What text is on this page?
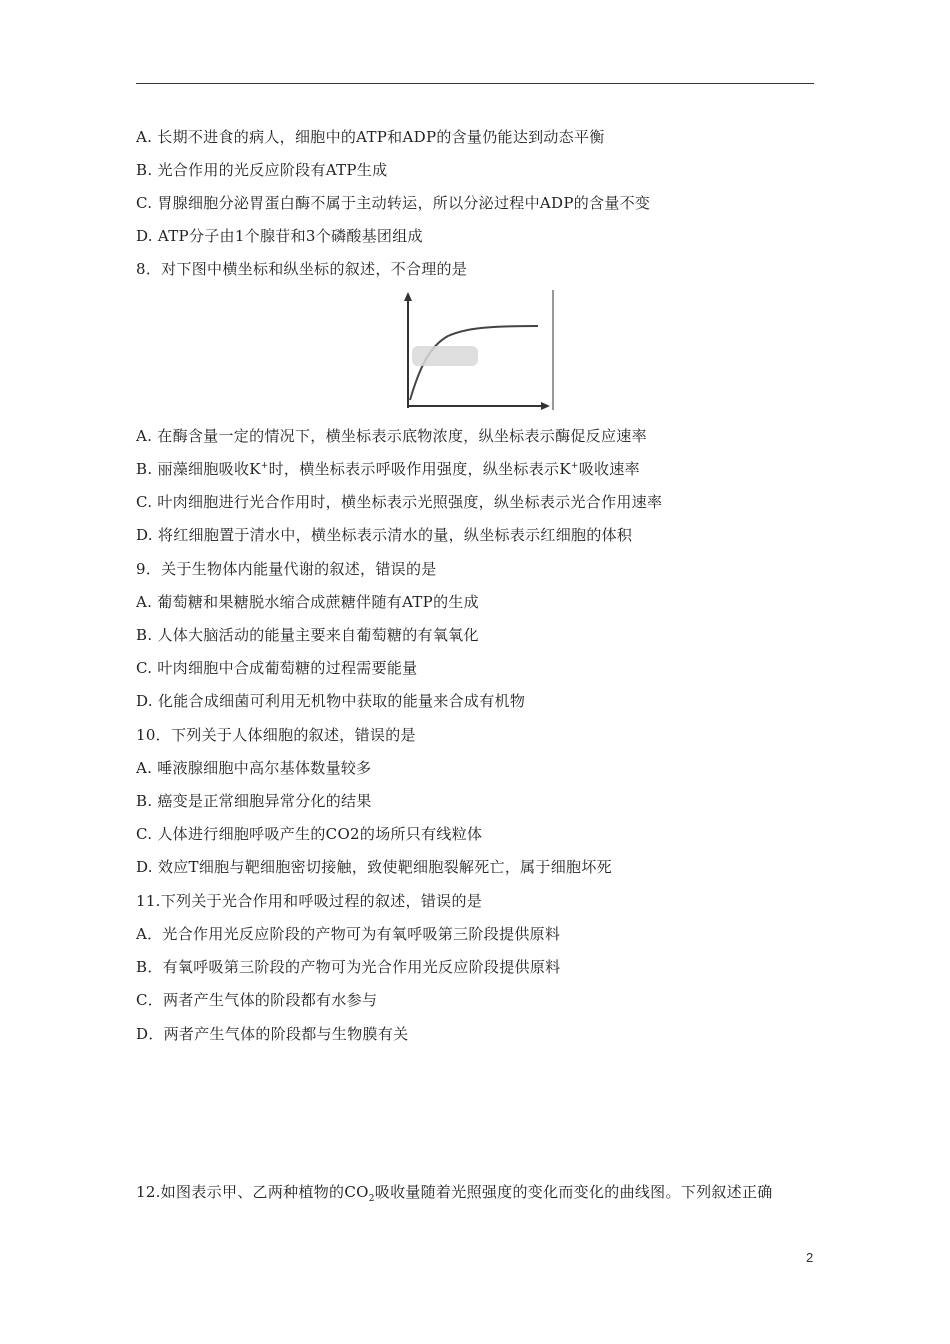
A. 长期不进食的病人，细胞中的ATP和ADP的含量仍能达到动态平衡
B. 光合作用的光反应阶段有ATP生成
C. 胃腺细胞分泌胃蛋白酶不属于主动转运，所以分泌过程中ADP的含量不变
D. ATP分子由1个腺苷和3个磷酸基团组成
8．对下图中横坐标和纵坐标的叙述，不合理的是
A. 在酶含量一定的情况下，横坐标表示底物浓度，纵坐标表示酶促反应速率
B. 丽藻细胞吸收K+时，横坐标表示呼吸作用强度，纵坐标表示K+吸收速率
C. 叶肉细胞进行光合作用时，横坐标表示光照强度，纵坐标表示光合作用速率
D. 将红细胞置于清水中，横坐标表示清水的量，纵坐标表示红细胞的体积
9．关于生物体内能量代谢的叙述，错误的是
A. 葡萄糖和果糖脱水缩合成蔗糖伴随有ATP的生成
B. 人体大脑活动的能量主要来自葡萄糖的有氧氧化
C. 叶肉细胞中合成葡萄糖的过程需要能量
D. 化能合成细菌可利用无机物中获取的能量来合成有机物
10．下列关于人体细胞的叙述，错误的是
A. 唾液腺细胞中高尔基体数量较多
B. 癌变是正常细胞异常分化的结果
C. 人体进行细胞呼吸产生的CO2的场所只有线粒体
D. 效应T细胞与靶细胞密切接触，致使靶细胞裂解死亡，属于细胞坏死
11.下列关于光合作用和呼吸过程的叙述，错误的是
A．光合作用光反应阶段的产物可为有氧呼吸第三阶段提供原料
B．有氧呼吸第三阶段的产物可为光合作用光反应阶段提供原料
C．两者产生气体的阶段都有水参与
D．两者产生气体的阶段都与生物膜有关
12.如图表示甲、乙两种植物的$CO_2$吸收量随着光照强度的变化而变化的曲线图。下列叙述正确
2
